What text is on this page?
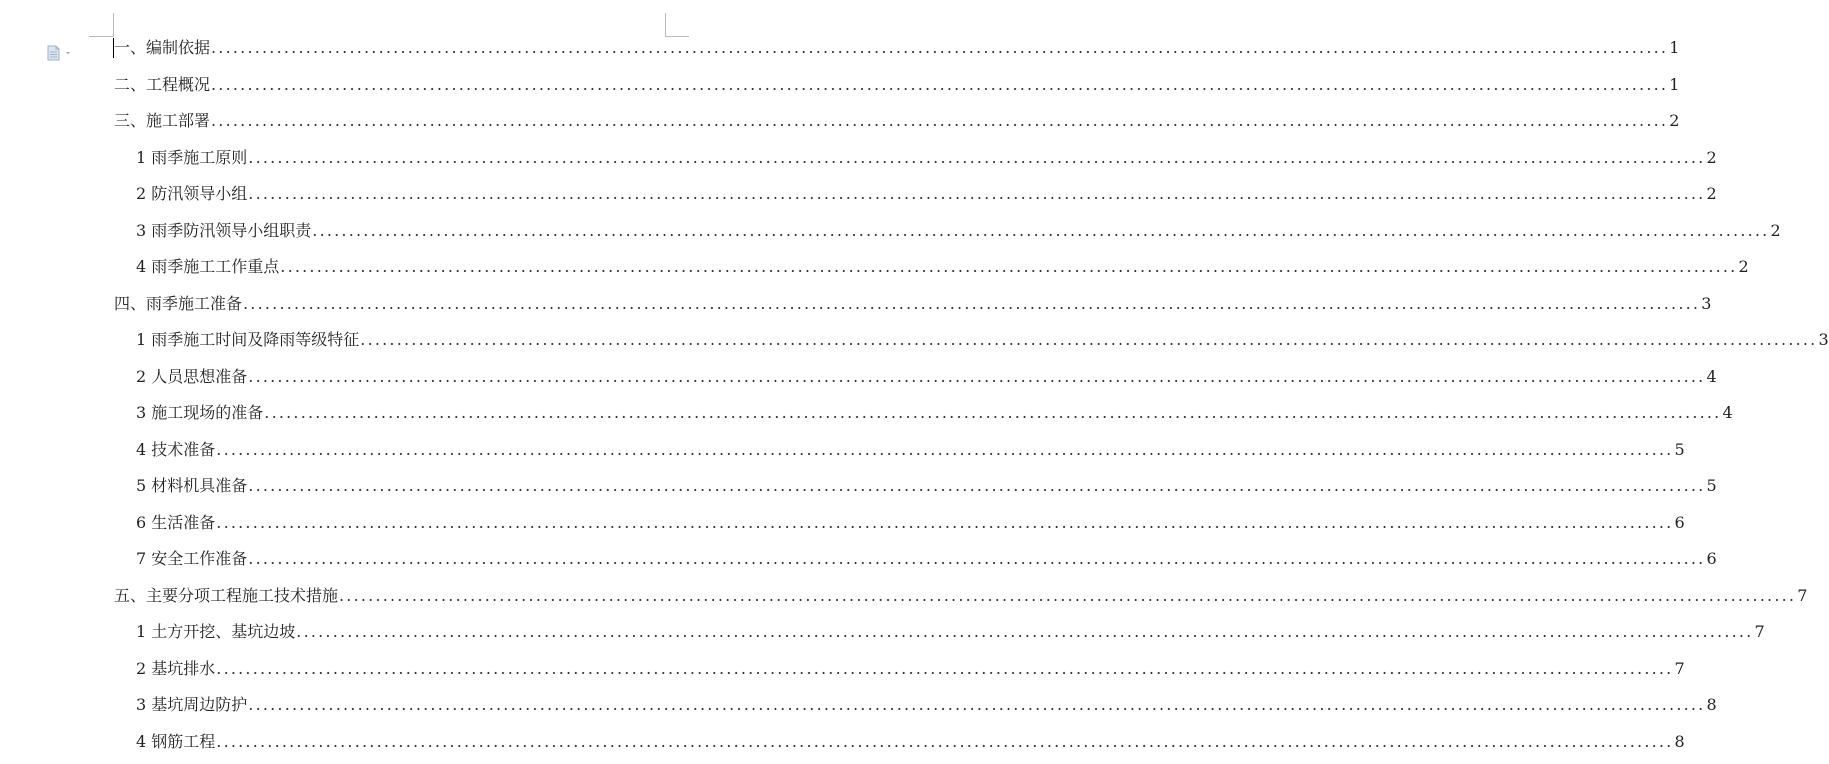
一、编制依据 ........................................................................................................................................................................................................ 1
二、工程概况 ........................................................................................................................................................................................................ 1
三、施工部署 ........................................................................................................................................................................................................ 2
1 雨季施工原则 ........................................................................................................................................................................................................ 2
2 防汛领导小组 ........................................................................................................................................................................................................ 2
3 雨季防汛领导小组职责 ........................................................................................................................................................................................................ 2
4 雨季施工工作重点 ........................................................................................................................................................................................................ 2
四、雨季施工准备 ........................................................................................................................................................................................................ 3
1 雨季施工时间及降雨等级特征 ........................................................................................................................................................................................................ 3
2 人员思想准备 ........................................................................................................................................................................................................ 4
3 施工现场的准备 ........................................................................................................................................................................................................ 4
4 技术准备 ........................................................................................................................................................................................................ 5
5 材料机具准备 ........................................................................................................................................................................................................ 5
6 生活准备 ........................................................................................................................................................................................................ 6
7 安全工作准备 ........................................................................................................................................................................................................ 6
五、主要分项工程施工技术措施 ........................................................................................................................................................................................................ 7
1 土方开挖、基坑边坡 ........................................................................................................................................................................................................ 7
2 基坑排水 ........................................................................................................................................................................................................ 7
3 基坑周边防护 ........................................................................................................................................................................................................ 8
4 钢筋工程 ........................................................................................................................................................................................................ 8
